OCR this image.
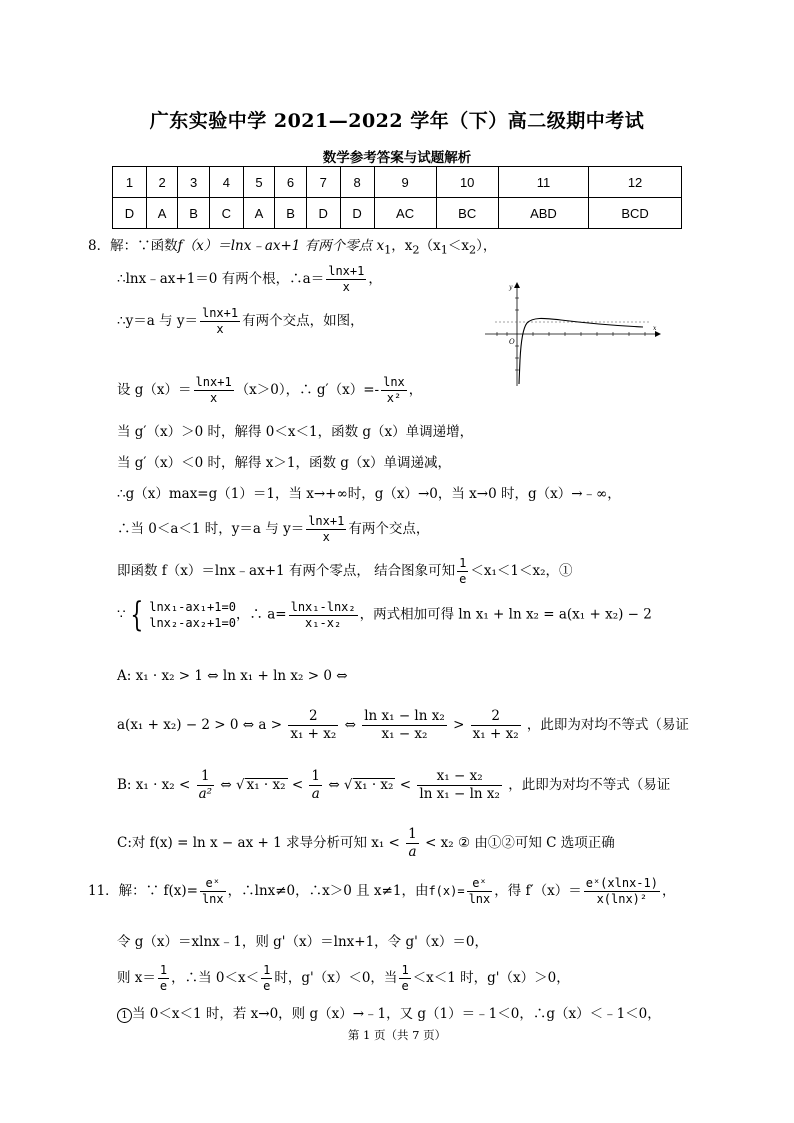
广东实验中学 2021—2022 学年（下）高二级期中考试
数学参考答案与试题解析
1	2	3	4	5	6	7	8	9	10	11	12
D	A	B	C	A	B	D	D	AC	BC	ABD	BCD
8．解：∵函数f（x）＝lnx﹣ax+1 有两个零点 $x_1$，$x_2(x_1<x_2)$，
∴lnx﹣ax+1＝0 有两个根，∴a＝ $\frac{\ln x+1}{x}$ ，
∴y＝a 与 $y= \frac{\ln x+1}{x}$ 有两个交点，如图，
y
x
O
设 $g(x)= \frac{\ln x+1}{x} (x>0)$，∴ $g'(x)=- \frac{\ln x}{\text{x²}}$ ，
当 g′（x）＞0 时，解得 0＜x＜1，函数 g（x）单调递增，
当 g′（x）＜0 时，解得 x＞1，函数 g（x）单调递减，
∴g（x）max=g（1）＝1，当 x→+∞时，g（x）→0，当 x→0 时，g（x）→﹣∞，
∴当 0＜a＜1 时，y＝a 与 $y= \frac{\ln x+1}{x}$ 有两个交点，
即函数 f（x）＝lnx﹣ax+1 有两个零点， 结合图象可知 $\frac{1}{e} <x_1<1<x_2$，①
∵ { lnx₁-ax₁+1=0
lnx₂-ax₂+1=0
，∴ $a= \frac{\text{lnx₁-lnx₂}}{\text{x₁-x₂}}$ ，两式相加可得 ln x₁ + ln x₂ = a(x₁ + x₂) − 2
A: x₁ · x₂ > 1 ⇔ ln x₁ + ln x₂ > 0 ⇔
a(x₁ + x₂) − 2 > 0 ⇔ $a > \frac{2}{\text{x₁ + x₂}}$ ⇔ $\frac{\text{ln x₁ − ln x₂}}{\text{x₁ − x₂}} > \frac{2}{\text{x₁ + x₂}}$ ，此即为对均不等式（易证
B: $x_1 \cdot x_2 < \frac{1}{\text{a²}}$ ⇔ √ $x_1 \cdot x_2 < \frac{1}{a}$ ⇔ √ $x_1 \cdot x_2 < \frac{\text{x₁ − x₂}}{\text{ln x₁ − ln x₂}}$ ，此即为对均不等式（易证
C:对 f(x) = ln x − ax + 1 求导分析可知 $x_1 < \frac{1}{a} < x_2$ ② 由①②可知 C 选项正确
11．解：∵ $f(x)= \frac{\text{eˣ}}{\ln x}$ ，∴lnx≠0，∴x＞0 且 x≠1，由$f(x)= \frac{\text{eˣ}}{\ln x}$ ，得 $f'(x)= \frac{\text{eˣ(xlnx-1)}}{\text{x(lnx)²}}$ ，
令 g（x）＝xlnx﹣1，则 g'（x）＝lnx+1，令 g'（x）＝0，
则 $x= \frac{1}{e}$ ，∴当 $0<x< \frac{1}{e}$ 时，g'（x）＜0，当 $\frac{1}{e} <x<1$ 时，g'（x）＞0，
1 当 0＜x＜1 时，若 x→0，则 g（x）→﹣1，又 g（1）＝﹣1＜0，∴g（x）＜﹣1＜0，
第 1 页（共 7 页）
